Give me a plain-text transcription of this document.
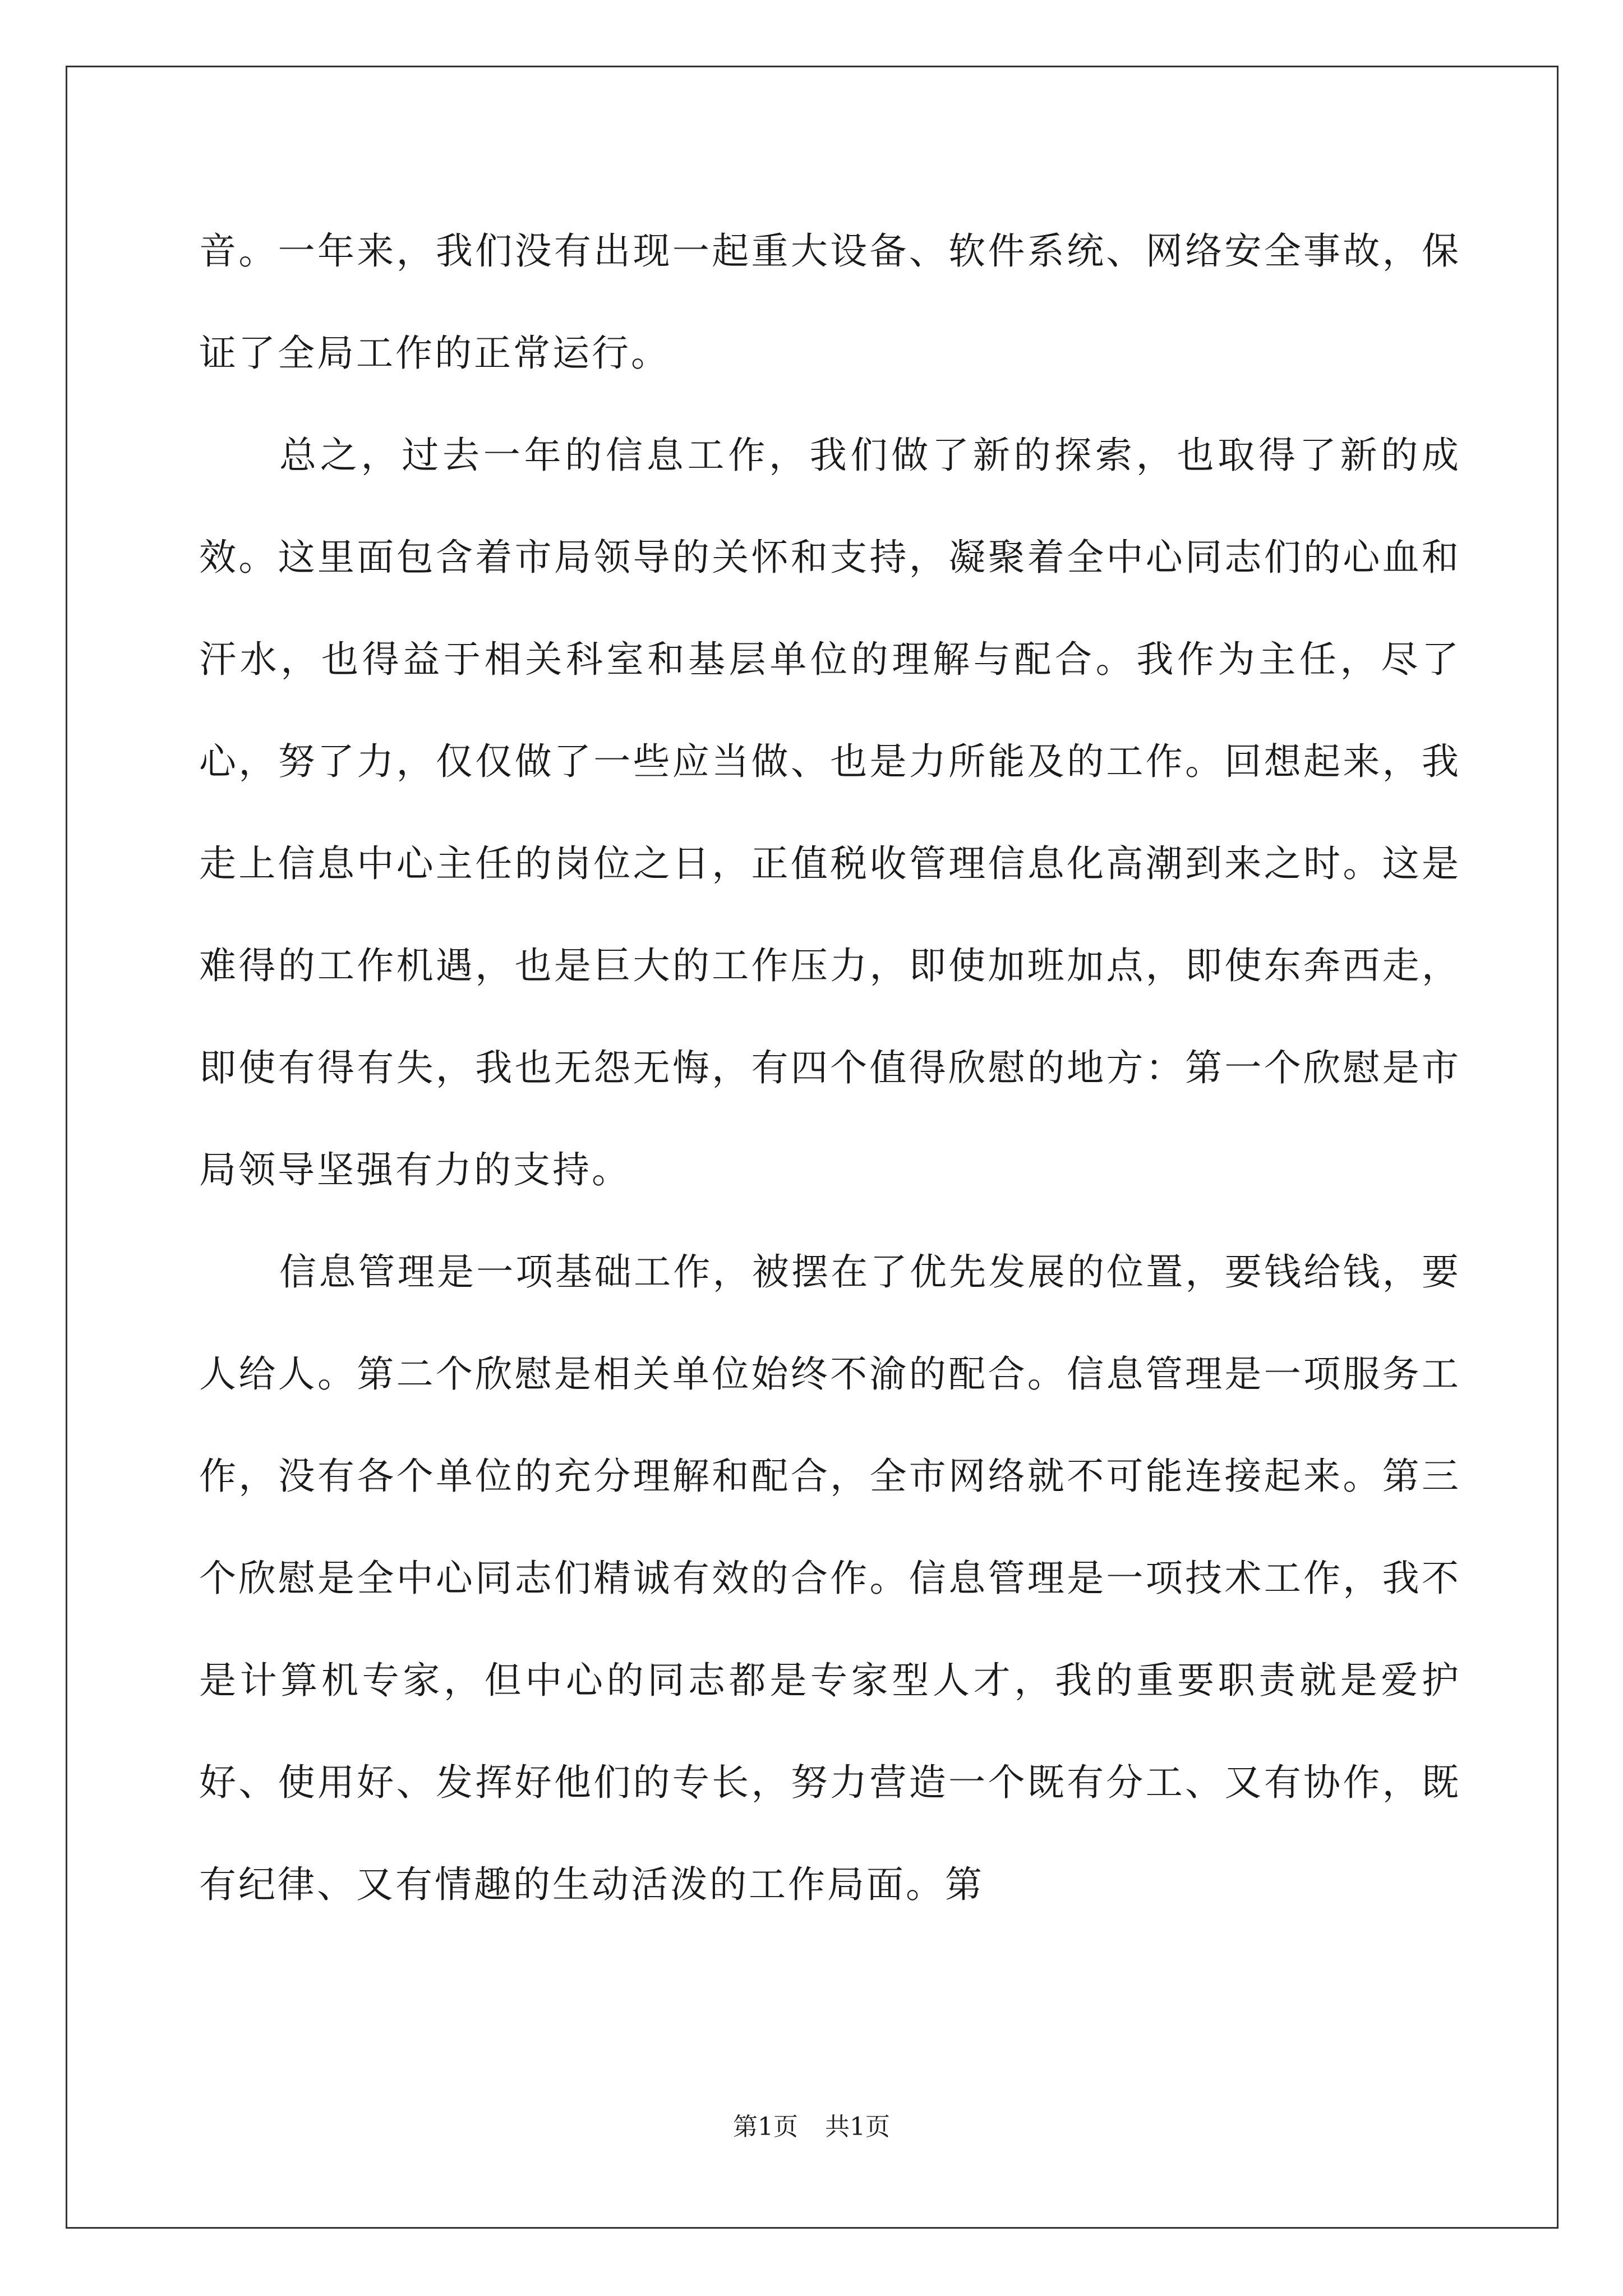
音。一年来，我们没有出现一起重大设备、软件系统、网络安全事故，保证了全局工作的正常运行。

总之，过去一年的信息工作，我们做了新的探索，也取得了新的成效。这里面包含着市局领导的关怀和支持，凝聚着全中心同志们的心血和汗水，也得益于相关科室和基层单位的理解与配合。我作为主任，尽了心，努了力，仅仅做了一些应当做、也是力所能及的工作。回想起来，我走上信息中心主任的岗位之日，正值税收管理信息化高潮到来之时。这是难得的工作机遇，也是巨大的工作压力，即使加班加点，即使东奔西走，即使有得有失，我也无怨无悔，有四个值得欣慰的地方：第一个欣慰是市局领导坚强有力的支持。

信息管理是一项基础工作，被摆在了优先发展的位置，要钱给钱，要人给人。第二个欣慰是相关单位始终不渝的配合。信息管理是一项服务工作，没有各个单位的充分理解和配合，全市网络就不可能连接起来。第三个欣慰是全中心同志们精诚有效的合作。信息管理是一项技术工作，我不是计算机专家，但中心的同志都是专家型人才，我的重要职责就是爱护好、使用好、发挥好他们的专长，努力营造一个既有分工、又有协作，既有纪律、又有情趣的生动活泼的工作局面。第

第1页 共1页
